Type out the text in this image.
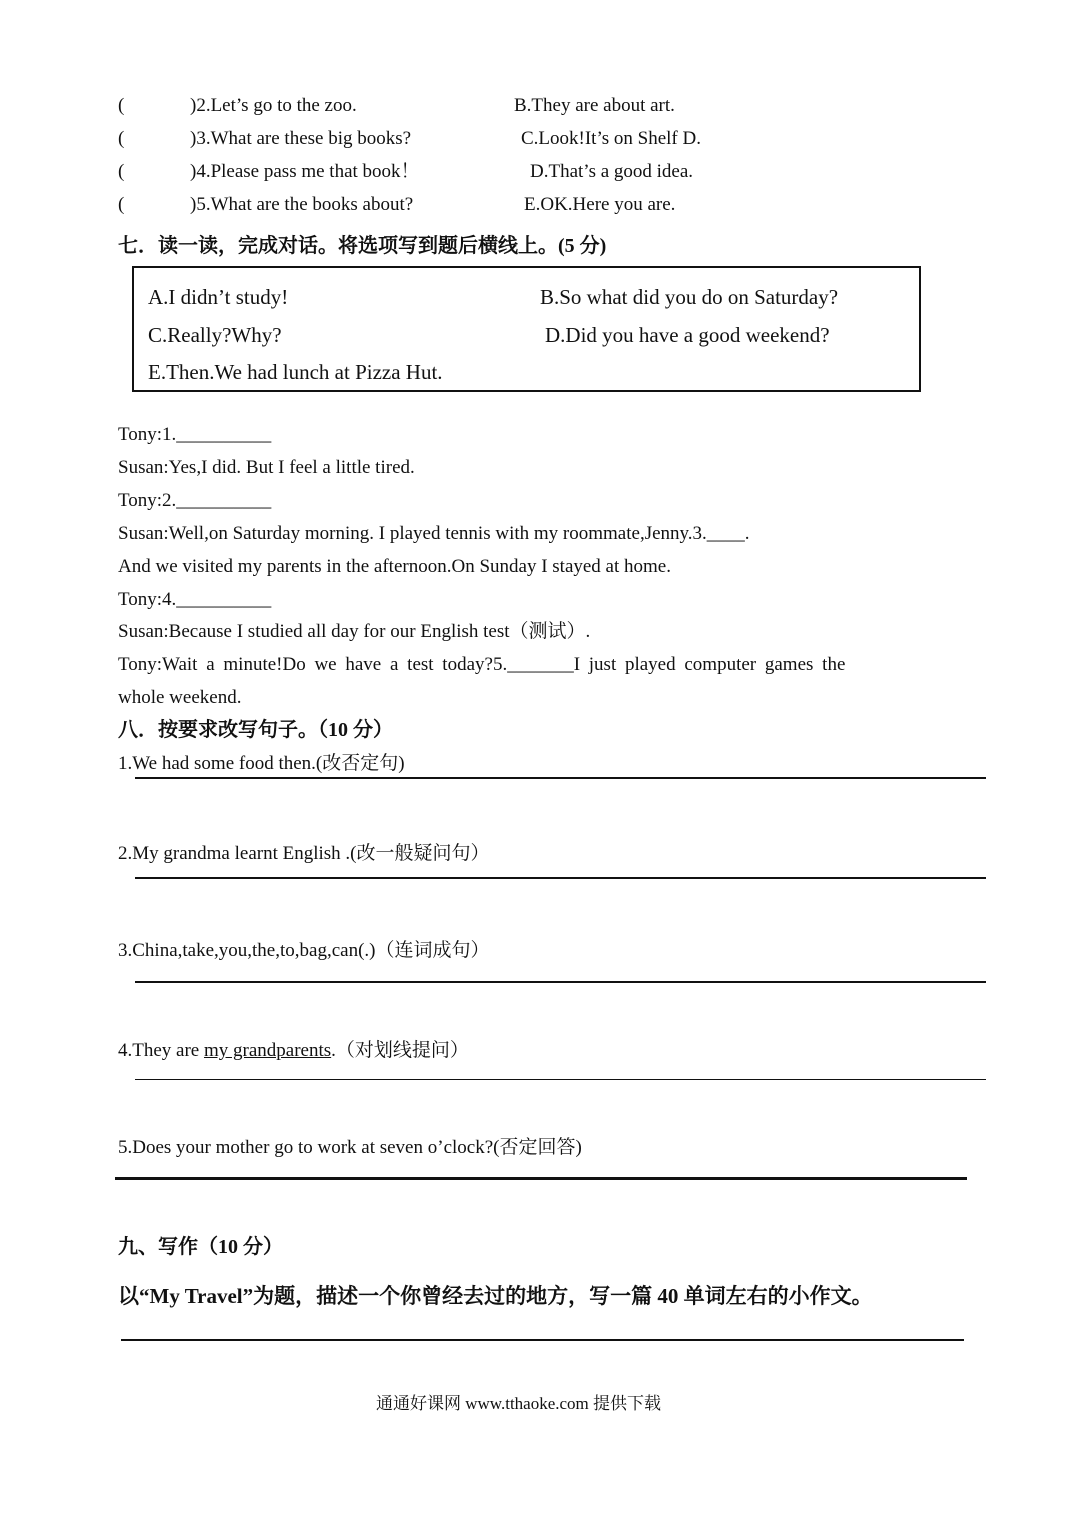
(	)2.Let’s go to the zoo.	B.They are about art.
(	)3.What are these big books?	C.Look!It’s on Shelf D.
(	)4.Please pass me that book！	D.That’s a good idea.
(	)5.What are the books about?	E.OK.Here you are.
七．读一读，完成对话。将选项写到题后横线上。(5 分)
A.I didn’t study!	B.So what did you do on Saturday?
C.Really?Why?	D.Did you have a good weekend?
E.Then.We had lunch at Pizza Hut.
Tony:1.__________
Susan:Yes,I did. But I feel a little tired.
Tony:2.__________
Susan:Well,on Saturday morning. I played tennis with my roommate,Jenny.3.____.
And we visited my parents in the afternoon.On Sunday I stayed at home.
Tony:4.__________
Susan:Because I studied all day for our English test（测试）.
Tony:Wait a minute!Do we have a test today?5._______I just played computer games the
whole weekend.
八．按要求改写句子。（10 分）
1.We had some food then.(改否定句)
2.My grandma learnt English .(改一般疑问句）
3.China,take,you,the,to,bag,can(.)（连词成句）
4.They are my grandparents.（对划线提问）
5.Does your mother go to work at seven o’clock?(否定回答)
九、写作（10 分）
以“My Travel”为题，描述一个你曾经去过的地方，写一篇 40 单词左右的小作文。
通通好课网 www.tthaoke.com 提供下载
